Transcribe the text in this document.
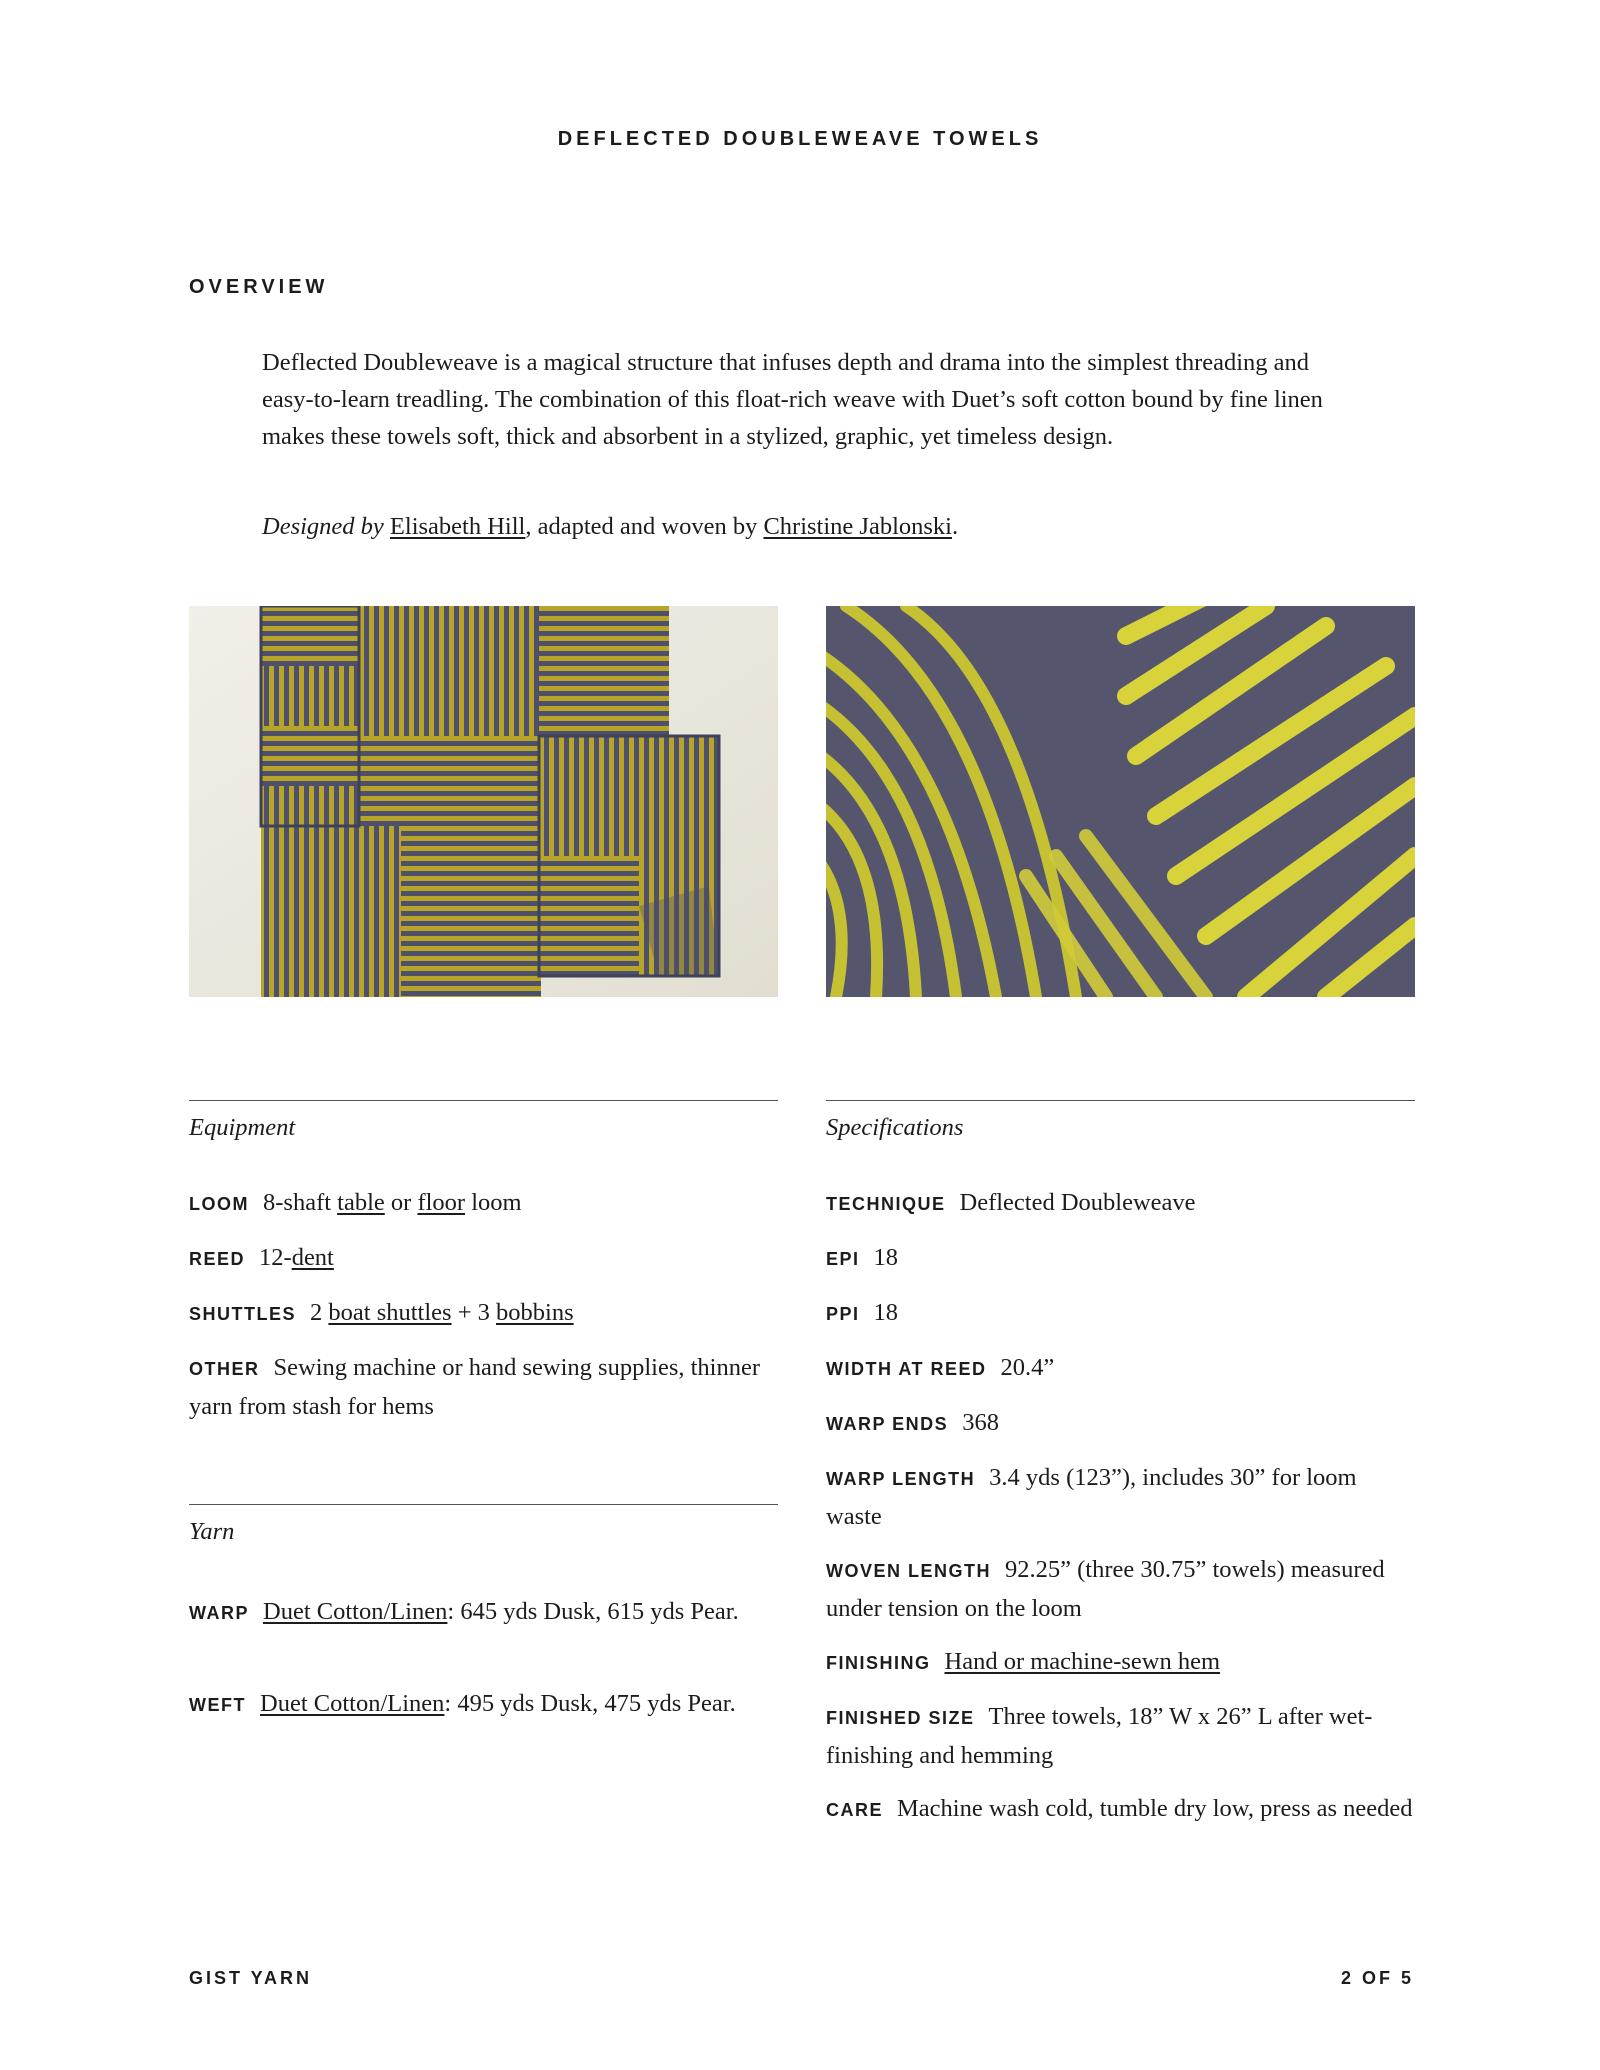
DEFLECTED DOUBLEWEAVE TOWELS
OVERVIEW
Deflected Doubleweave is a magical structure that infuses depth and drama into the simplest threading and easy-to-learn treadling. The combination of this float-rich weave with Duet’s soft cotton bound by fine linen makes these towels soft, thick and absorbent in a stylized, graphic, yet timeless design.
Designed by Elisabeth Hill, adapted and woven by Christine Jablonski.
Equipment
LOOM 8-shaft table or floor loom
REED 12-dent
SHUTTLES 2 boat shuttles + 3 bobbins
OTHER Sewing machine or hand sewing supplies, thinner yarn from stash for hems
Yarn
WARP Duet Cotton/Linen: 645 yds Dusk, 615 yds Pear.
WEFT Duet Cotton/Linen: 495 yds Dusk, 475 yds Pear.
Specifications
TECHNIQUE Deflected Doubleweave
EPI 18
PPI 18
WIDTH AT REED 20.4”
WARP ENDS 368
WARP LENGTH 3.4 yds (123”), includes 30” for loom waste
WOVEN LENGTH 92.25” (three 30.75” towels) measured under tension on the loom
FINISHING Hand or machine-sewn hem
FINISHED SIZE Three towels, 18” W x 26” L after wet-finishing and hemming
CARE Machine wash cold, tumble dry low, press as needed
GIST YARN	2 OF 5
